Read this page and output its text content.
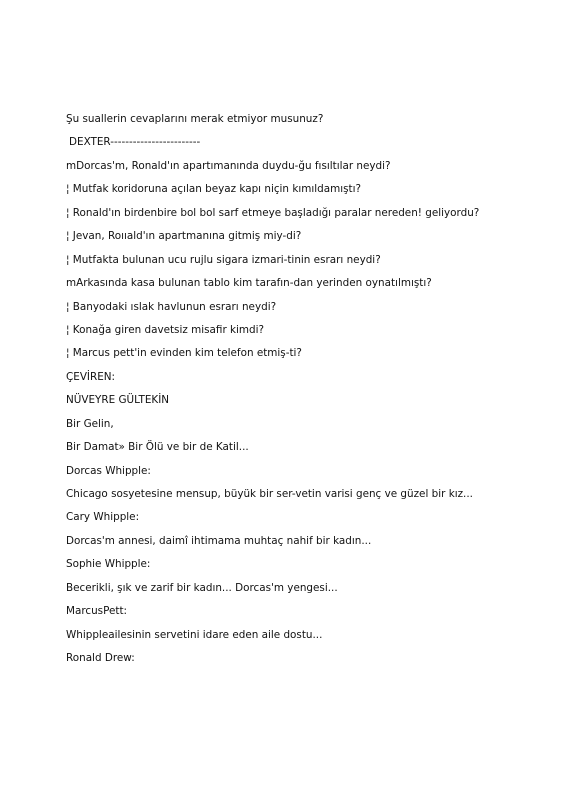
Şu suallerin cevaplarını merak etmiyor musunuz?

DEXTER------------------------

mDorcas'm, Ronald'ın apartımanında duydu-ğu fısıltılar neydi?

¦ Mutfak koridoruna açılan beyaz kapı niçin kımıldamıştı?

¦ Ronald'ın birdenbire bol bol sarf etmeye başladığı paralar nereden! geliyordu?

¦ Jevan, Roııald'ın apartmanına gitmiş miy-di?

¦ Mutfakta bulunan ucu rujlu sigara izmari-tinin esrarı neydi?

mArkasında kasa bulunan tablo kim tarafın-dan yerinden oynatılmıştı?

¦ Banyodaki ıslak havlunun esrarı neydi?

¦ Konağa giren davetsiz misafir kimdi?

¦ Marcus pett'in evinden kim telefon etmiş-ti?

ÇEVİREN:

NÜVEYRE GÜLTEKİN

Bir Gelin,

Bir Damat» Bir Ölü ve bir de Katil...

Dorcas Whipple:

Chicago sosyetesine mensup, büyük bir ser-vetin varisi genç ve güzel bir kız...

Cary Whipple:

Dorcas'm annesi, daimî ihtimama muhtaç nahif bir kadın...

Sophie Whipple:

Becerikli, şık ve zarif bir kadın... Dorcas'm yengesi...

MarcusPett:

Whippleailesinin servetini idare eden aile dostu...

Ronald Drew:
